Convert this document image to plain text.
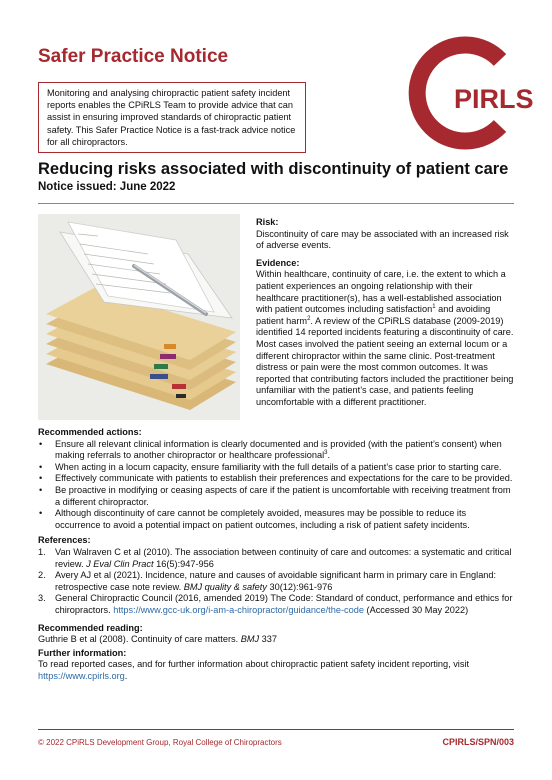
Safer Practice Notice
Monitoring and analysing chiropractic patient safety incident reports enables the CPiRLS Team to provide advice that can assist in ensuring improved standards of chiropractic patient safety. This Safer Practice Notice is a fast-track advice notice for all chiropractors.
PIRLS
Reducing risks associated with discontinuity of patient care
Notice issued: June 2022
Risk:

Discontinuity of care may be associated with an increased risk of adverse events.

Evidence:

Within healthcare, continuity of care, i.e. the extent to which a patient experiences an ongoing relationship with their healthcare practitioner(s), has a well-established association with patient outcomes including satisfaction$^1$ and avoiding patient harm$^2$. A review of the CPiRLS database (2009-2019) identified 14 reported incidents featuring a discontinuity of care. Most cases involved the patient seeing an external locum or a different chiropractor within the same clinic. Post-treatment distress or pain were the most common outcomes. It was reported that contributing factors included the practitioner being unfamiliar with the patient’s case, and patients feeling uncomfortable with a different practitioner.

Recommended actions:
• Ensure all relevant clinical information is clearly documented and is provided (with the patient’s consent) when making referrals to another chiropractor or healthcare professional$^3$.
• When acting in a locum capacity, ensure familiarity with the full details of a patient’s case prior to starting care.
• Effectively communicate with patients to establish their preferences and expectations for the care to be provided.
• Be proactive in modifying or ceasing aspects of care if the patient is uncomfortable with receiving treatment from a different chiropractor.
• Although discontinuity of care cannot be completely avoided, measures may be possible to reduce its occurrence to avoid a potential impact on patient outcomes, including a risk of patient safety incidents.
References:
1. Van Walraven C et al (2010). The association between continuity of care and outcomes: a systematic and critical review. J Eval Clin Pract 16(5):947-956
2. Avery AJ et al (2021). Incidence, nature and causes of avoidable significant harm in primary care in England: retrospective case note review. BMJ quality & safety 30(12):961-976
3. General Chiropractic Council (2016, amended 2019) The Code: Standard of conduct, performance and ethics for chiropractors. https://www.gcc-uk.org/i-am-a-chiropractor/guidance/the-code (Accessed 30 May 2022)
Recommended reading:
Guthrie B et al (2008). Continuity of care matters. BMJ 337
Further information:
To read reported cases, and for further information about chiropractic patient safety incident reporting, visit https://www.cpirls.org.
© 2022 CPiRLS Development Group, Royal College of Chiropractors	CPIRLS/SPN/003
